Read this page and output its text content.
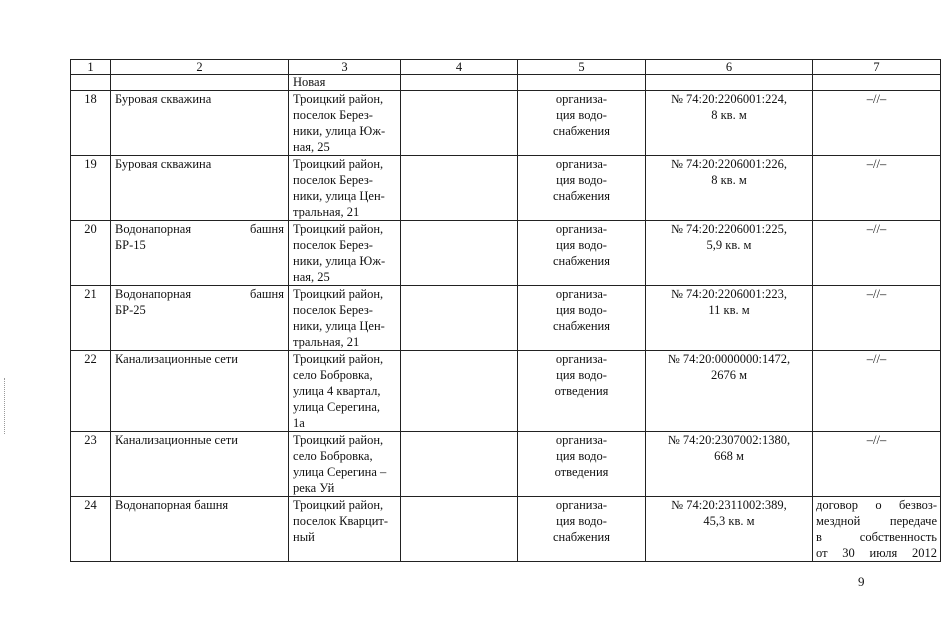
1	2	3	4	5	6	7
		Новая				
18	Буровая скважина	Троицкий район,
поселок Берез-
ники, улица Юж-
ная, 25		организа-
ция водо-
снабжения	№ 74:20:2206001:224,
8 кв. м	–//–

19	Буровая скважина	Троицкий район,
поселок Берез-
ники, улица Цен-
тральная, 21		организа-
ция водо-
снабжения	№ 74:20:2206001:226,
8 кв. м	–//–

20	Водонапорная башня
БР-15	Троицкий район,
поселок Берез-
ники, улица Юж-
ная, 25		организа-
ция водо-
снабжения	№ 74:20:2206001:225,
5,9 кв. м	–//–

21	Водонапорная башня
БР-25	Троицкий район,
поселок Берез-
ники, улица Цен-
тральная, 21		организа-
ция водо-
снабжения	№ 74:20:2206001:223,
11 кв. м	–//–

22	Канализационные сети	Троицкий район,
село Бобровка,
улица 4 квартал,
улица Серегина,
1а		организа-
ция водо-
отведения	№ 74:20:0000000:1472,
2676 м	–//–

23	Канализационные сети	Троицкий район,
село Бобровка,
улица Серегина –
река Уй		организа-
ция водо-
отведения	№ 74:20:2307002:1380,
668 м	–//–

24	Водонапорная башня	Троицкий район,
поселок Кварцит-
ный		организа-
ция водо-
снабжения	№ 74:20:2311002:389,
45,3 кв. м	договор о безвоз-
мездной передаче
в собственность
от 30 июля 2012
9
